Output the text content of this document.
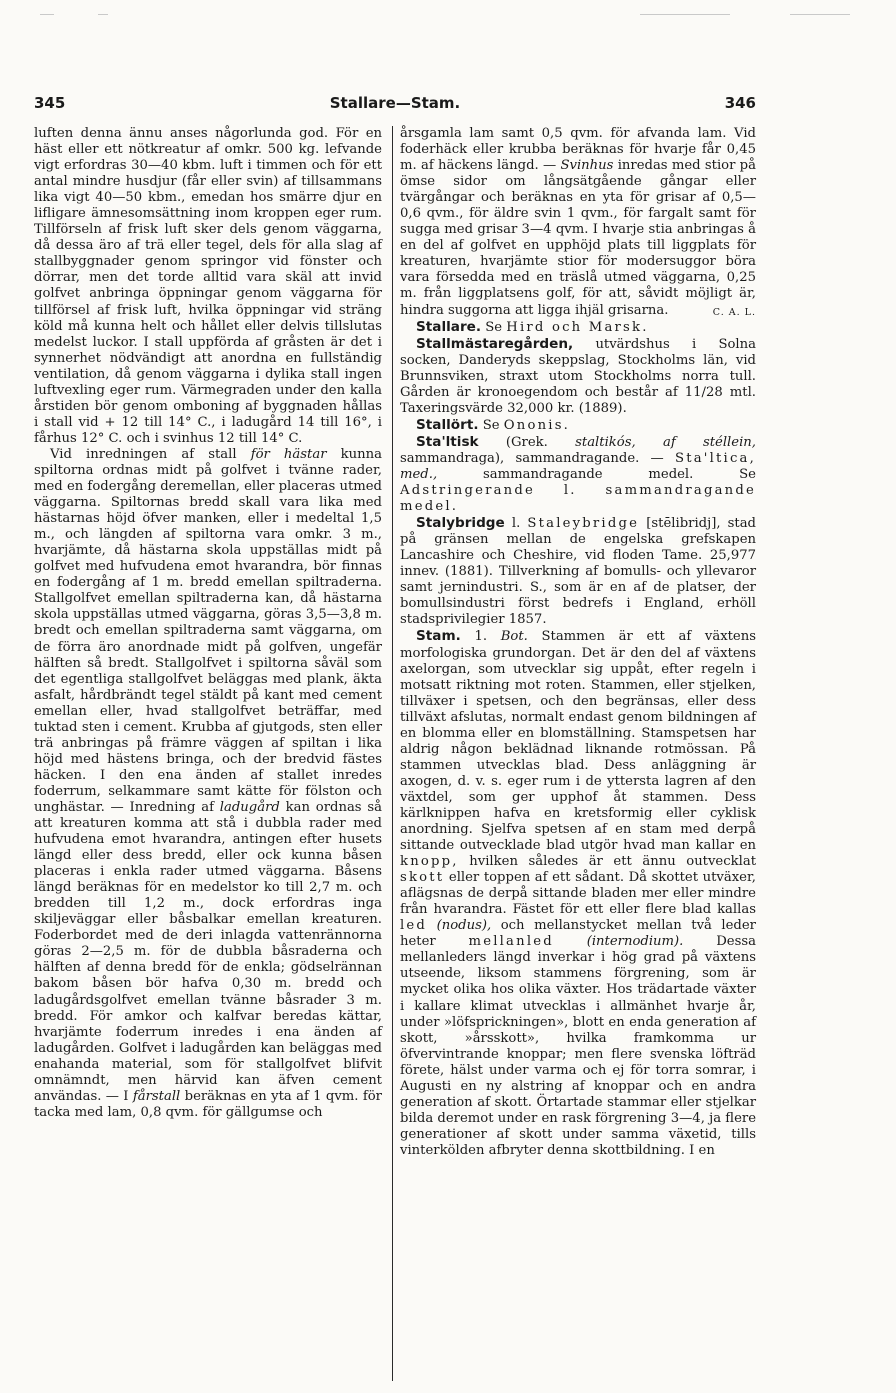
345	Stallare—Stam.	346

luften denna ännu anses någorlunda god. För en häst eller ett nötkreatur af omkr. 500 kg. lefvande vigt erfordras 30—40 kbm. luft i timmen och för ett antal mindre husdjur (får eller svin) af tillsammans lika vigt 40—50 kbm., emedan hos smärre djur en lifligare ämnesomsättning inom kroppen eger rum. Tillförseln af frisk luft sker dels genom väggarna, då dessa äro af trä eller tegel, dels för alla slag af stallbyggnader genom springor vid fönster och dörrar, men det torde alltid vara skäl att invid golfvet anbringa öppningar genom väggarna för tillförsel af frisk luft, hvilka öppningar vid sträng köld må kunna helt och hållet eller delvis tillslutas medelst luckor. I stall uppförda af gråsten är det i synnerhet nödvändigt att anordna en fullständig ventilation, då genom väggarna i dylika stall ingen luftvexling eger rum. Värmegraden under den kalla årstiden bör genom omboning af byggnaden hållas i stall vid + 12 till 14° C., i ladugård 14 till 16°, i fårhus 12° C. och i svinhus 12 till 14° C.

Vid inredningen af stall för hästar kunna spiltorna ordnas midt på golfvet i tvänne rader, med en fodergång deremellan, eller placeras utmed väggarna. Spiltornas bredd skall vara lika med hästarnas höjd öfver manken, eller i medeltal 1,5 m., och längden af spiltorna vara omkr. 3 m., hvarjämte, då hästarna skola uppställas midt på golfvet med hufvudena emot hvarandra, bör finnas en fodergång af 1 m. bredd emellan spiltraderna. Stallgolfvet emellan spiltraderna kan, då hästarna skola uppställas utmed väggarna, göras 3,5—3,8 m. bredt och emellan spiltraderna samt väggarna, om de förra äro anordnade midt på golfven, ungefär hälften så bredt. Stallgolfvet i spiltorna såväl som det egentliga stallgolfvet beläggas med plank, äkta asfalt, hårdbrändt tegel stäldt på kant med cement emellan eller, hvad stallgolfvet beträffar, med tuktad sten i cement. Krubba af gjutgods, sten eller trä anbringas på främre väggen af spiltan i lika höjd med hästens bringa, och der bredvid fästes häcken. I den ena änden af stallet inredes foderrum, selkammare samt kätte för fölston och unghästar. — Inredning af ladugård kan ordnas så att kreaturen komma att stå i dubbla rader med hufvudena emot hvarandra, antingen efter husets längd eller dess bredd, eller ock kunna båsen placeras i enkla rader utmed väggarna. Båsens längd beräknas för en medelstor ko till 2,7 m. och bredden till 1,2 m., dock erfordras inga skiljeväggar eller båsbalkar emellan kreaturen. Foderbordet med de deri inlagda vattenrännorna göras 2—2,5 m. för de dubbla båsraderna och hälften af denna bredd för de enkla; gödselrännan bakom båsen bör hafva 0,30 m. bredd och ladugårdsgolfvet emellan tvänne båsrader 3 m. bredd. För amkor och kalfvar beredas kättar, hvarjämte foderrum inredes i ena änden af ladugården. Golfvet i ladugården kan beläggas med enahanda material, som för stallgolfvet blifvit omnämndt, men härvid kan äfven cement användas. — I fårstall beräknas en yta af 1 qvm. för tacka med lam, 0,8 qvm. för gällgumse och

årsgamla lam samt 0,5 qvm. för afvanda lam. Vid foderhäck eller krubba beräknas för hvarje får 0,45 m. af häckens längd. — Svinhus inredas med stior på ömse sidor om långsätgående gångar eller tvärgångar och beräknas en yta för grisar af 0,5—0,6 qvm., för äldre svin 1 qvm., för fargalt samt för sugga med grisar 3—4 qvm. I hvarje stia anbringas å en del af golfvet en upphöjd plats till liggplats för kreaturen, hvarjämte stior för modersuggor böra vara försedda med en träslå utmed väggarna, 0,25 m. från liggplatsens golf, för att, såvidt möjligt är, hindra suggorna att ligga ihjäl grisarna.	C. A. L.

Stallare. Se Hird och Marsk.

Stallmästaregården, utvärdshus i Solna socken, Danderyds skeppslag, Stockholms län, vid Brunnsviken, straxt utom Stockholms norra tull. Gården är kronoegendom och består af 11/28 mtl. Taxeringsvärde 32,000 kr. (1889).

Stallört. Se Ononis.

Sta'ltisk (Grek. staltikós, af stéllein, sammandraga), sammandragande. — Sta'ltica, med.,	sammandragande medel. Se Adstringerande l. sammandragande medel.

Stalybridge l. Staleybridge [stēlibridj], stad på gränsen mellan de engelska grefskapen Lancashire och Cheshire, vid floden Tame. 25,977 innev. (1881). Tillverkning af bomulls- och yllevaror samt jernindustri. S., som är en af de platser, der bomullsindustri först bedrefs i England, erhöll stadsprivilegier 1857.

Stam. 1. Bot. Stammen är ett af växtens morfologiska grundorgan. Det är den del af växtens axelorgan, som utvecklar sig uppåt, efter regeln i motsatt riktning mot roten. Stammen, eller stjelken, tillväxer i spetsen, och den begränsas, eller dess tillväxt afslutas, normalt endast genom bildningen af en blomma eller en blomställning. Stamspetsen har aldrig någon beklädnad liknande rotmössan. På stammen utvecklas blad. Dess anläggning är axogen, d. v. s. eger rum i de yttersta lagren af den växtdel, som ger upphof åt stammen. Dess kärlknippen hafva en kretsformig eller cyklisk anordning. Sjelfva spetsen af en stam med derpå sittande outvecklade blad utgör hvad man kallar en knopp, hvilken således är ett ännu outvecklat skott eller toppen af ett sådant. Då skottet utväxer, aflägsnas de derpå sittande bladen mer eller mindre från hvarandra. Fästet för ett eller flere blad kallas led (nodus), och mellanstycket mellan två leder heter mellanled (internodium). Dessa mellanleders längd inverkar i hög grad på växtens utseende, liksom stammens förgrening, som är mycket olika hos olika växter. Hos trädartade växter i kallare klimat utvecklas i allmänhet hvarje år, under »löfsprickningen», blott en enda generation af skott, »årsskott», hvilka framkomma ur öfvervintrande knoppar; men flere svenska löfträd förete, hälst under varma och ej för torra somrar, i Augusti en ny alstring af knoppar och en andra generation af skott. Örtartade stammar eller stjelkar bilda deremot under en rask förgrening 3—4, ja flere generationer af skott under samma växetid, tills vinterkölden afbryter denna skottbildning. I en
